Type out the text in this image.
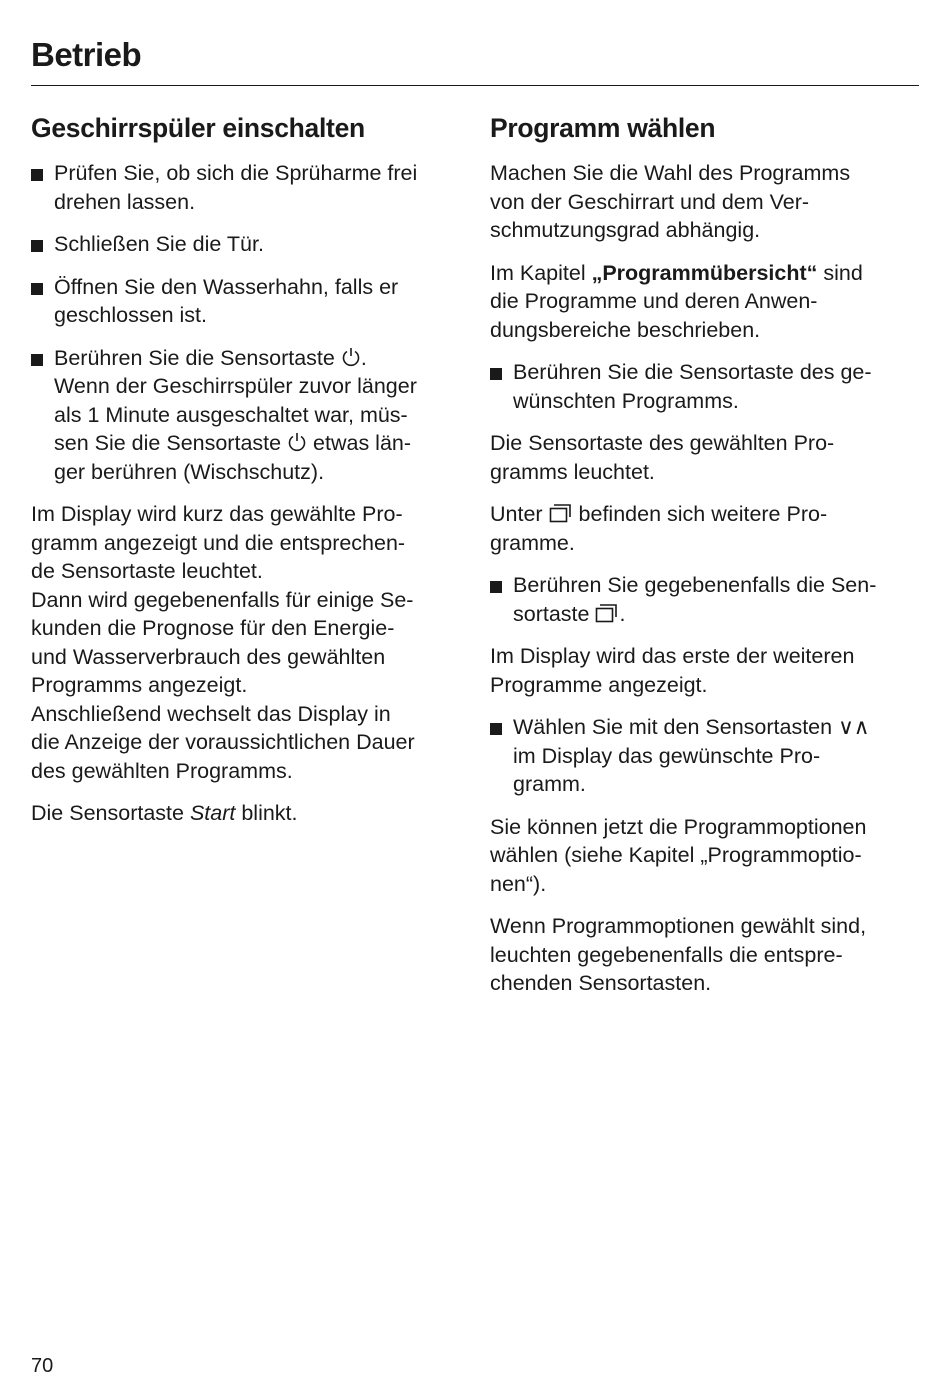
Betrieb
Geschirrspüler einschalten
Prüfen Sie, ob sich die Sprüharme frei
drehen lassen.
Schließen Sie die Tür.
Öffnen Sie den Wasserhahn, falls er
geschlossen ist.
Berühren Sie die Sensortaste .
Wenn der Geschirrspüler zuvor länger
als 1 Minute ausgeschaltet war, müs-
sen Sie die Sensortaste  etwas län-
ger berühren (Wischschutz).
Im Display wird kurz das gewählte Pro-
gramm angezeigt und die entsprechen-
de Sensortaste leuchtet.
Dann wird gegebenenfalls für einige Se-
kunden die Prognose für den Energie-
und Wasserverbrauch des gewählten
Programms angezeigt.
Anschließend wechselt das Display in
die Anzeige der voraussichtlichen Dauer
des gewählten Programms.
Die Sensortaste Start blinkt.
Programm wählen
Machen Sie die Wahl des Programms
von der Geschirrart und dem Ver-
schmutzungsgrad abhängig.
Im Kapitel „Programmübersicht“ sind
die Programme und deren Anwen-
dungsbereiche beschrieben.
Berühren Sie die Sensortaste des ge-
wünschten Programms.
Die Sensortaste des gewählten Pro-
gramms leuchtet.
Unter  befinden sich weitere Pro-
gramme.
Berühren Sie gegebenenfalls die Sen-
sortaste .
Im Display wird das erste der weiteren
Programme angezeigt.
Wählen Sie mit den Sensortasten ∨∧
im Display das gewünschte Pro-
gramm.
Sie können jetzt die Programmoptionen
wählen (siehe Kapitel „Programmoptio-
nen“).
Wenn Programmoptionen gewählt sind,
leuchten gegebenenfalls die entspre-
chenden Sensortasten.
70
